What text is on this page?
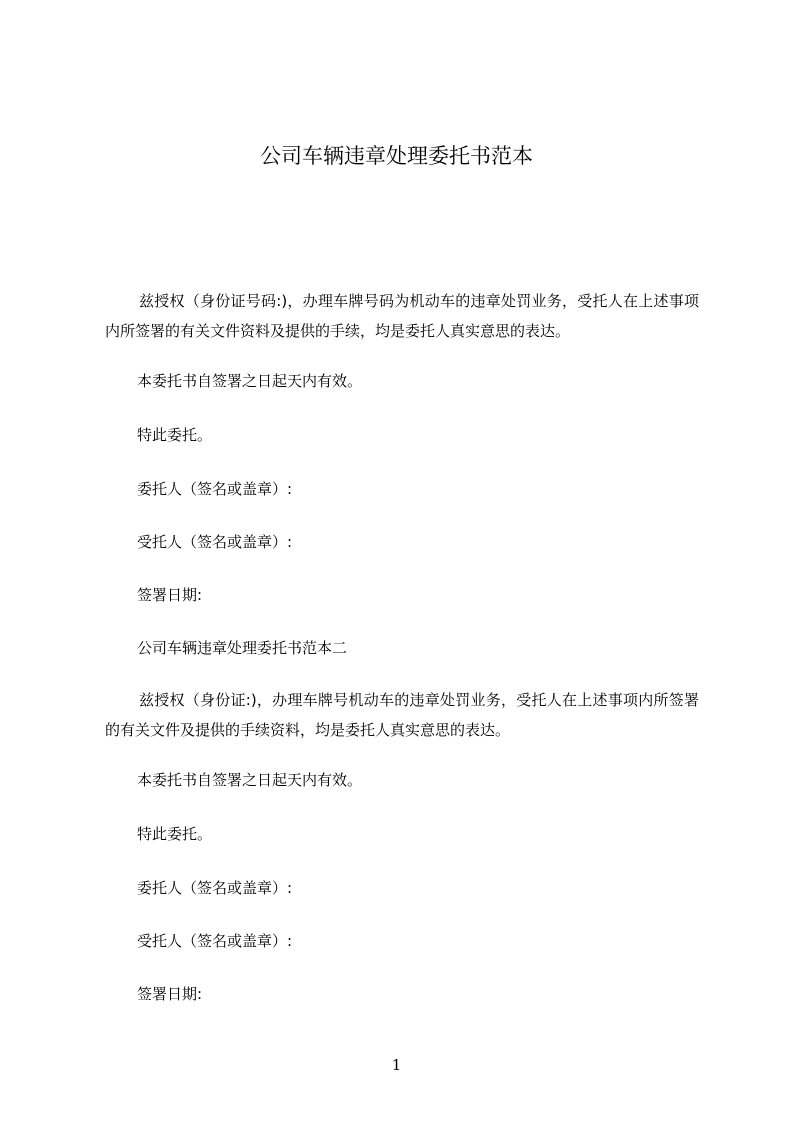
公司车辆违章处理委托书范本

兹授权（身份证号码:)，办理车牌号码为机动车的违章处罚业务，受托人在上述事项内所签署的有关文件资料及提供的手续，均是委托人真实意思的表达。

本委托书自签署之日起天内有效。
特此委托。
委托人（签名或盖章）:
受托人（签名或盖章）:
签署日期:
公司车辆违章处理委托书范本二

兹授权（身份证:)，办理车牌号机动车的违章处罚业务，受托人在上述事项内所签署的有关文件及提供的手续资料，均是委托人真实意思的表达。

本委托书自签署之日起天内有效。
特此委托。
委托人（签名或盖章）:
受托人（签名或盖章）:
签署日期:
1
